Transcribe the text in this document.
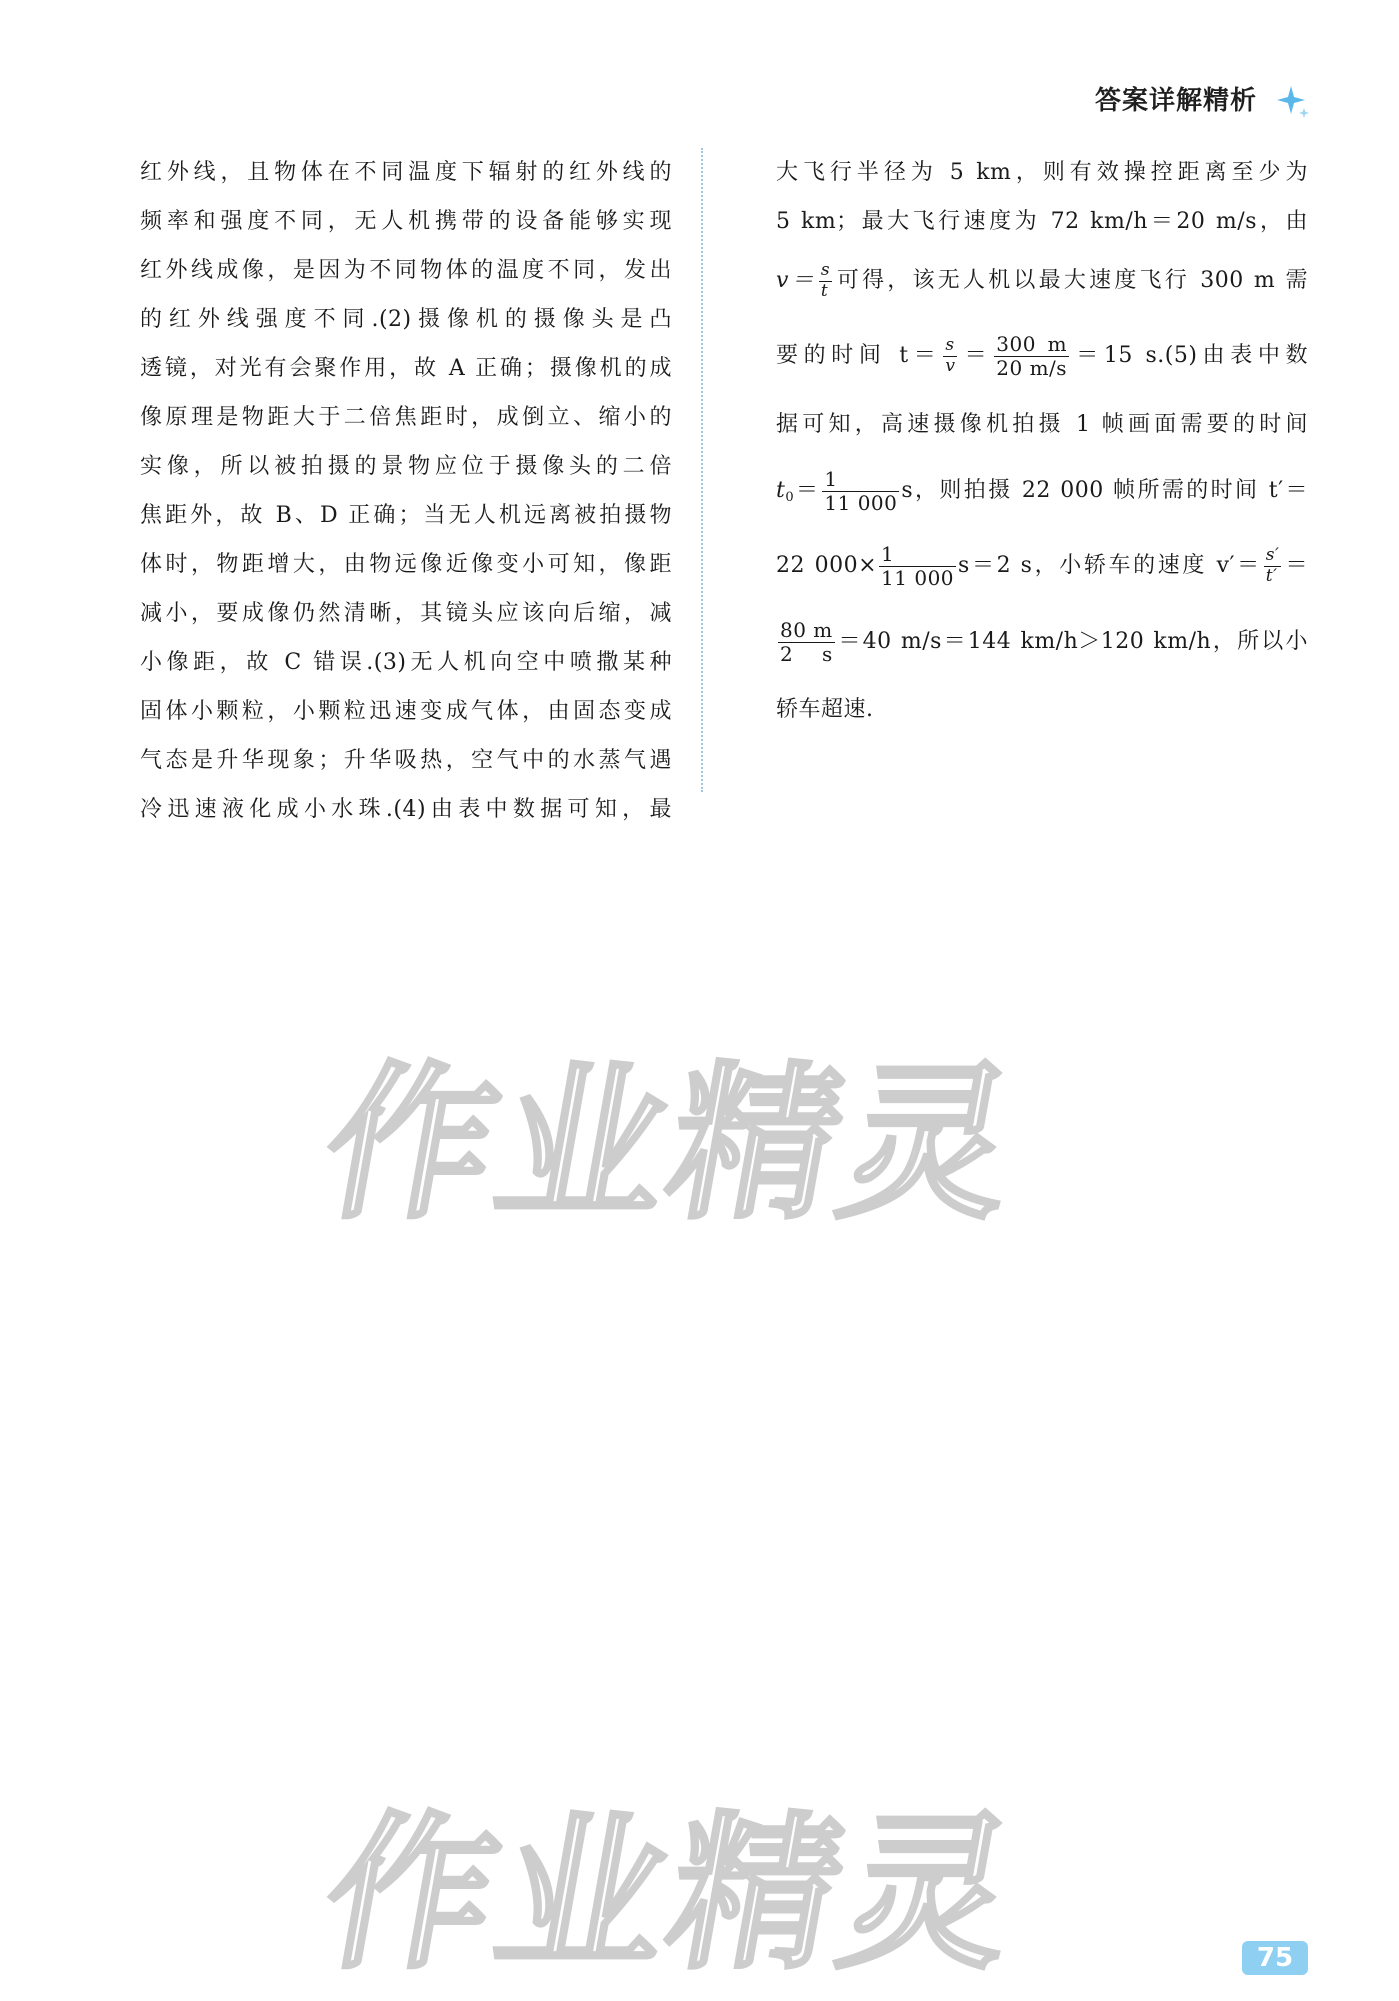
答案详解精析
红外线，且物体在不同温度下辐射的红外线的
频率和强度不同，无人机携带的设备能够实现
红外线成像，是因为不同物体的温度不同，发出
的红外线强度不同.(2)摄像机的摄像头是凸
透镜，对光有会聚作用，故 A 正确；摄像机的成
像原理是物距大于二倍焦距时，成倒立、缩小的
实像，所以被拍摄的景物应位于摄像头的二倍
焦距外，故 B、D 正确；当无人机远离被拍摄物
体时，物距增大，由物远像近像变小可知，像距
减小，要成像仍然清晰，其镜头应该向后缩，减
小像距，故 C 错误.(3)无人机向空中喷撒某种
固体小颗粒，小颗粒迅速变成气体，由固态变成
气态是升华现象；升华吸热，空气中的水蒸气遇
冷迅速液化成小水珠.(4)由表中数据可知，最
大飞行半径为 5 km，则有效操控距离至少为
5 km；最大飞行速度为 72 km/h＝20 m/s，由
$v= \frac{s}{t}$ 可得，该无人机以最大速度飞行 300 m 需
要的时间 $t= \frac{s}{v} = \frac{300 m}{20 m/s} =15$ s.(5)由表中数
据可知，高速摄像机拍摄 1 帧画面需要的时间
$t_0= \frac{1}{11 000}$ s，则拍摄 22 000 帧所需的时间 t′＝
22 $000\times \frac{1}{11 000} s=2$ s，小轿车的速度 $v'= \frac{s'}{t'}$ ＝
$\frac{80 m}{2 s} =40$ m/s＝144 km/h＞120 km/h，所以小
轿车超速.
作业精灵
作业精灵	75
